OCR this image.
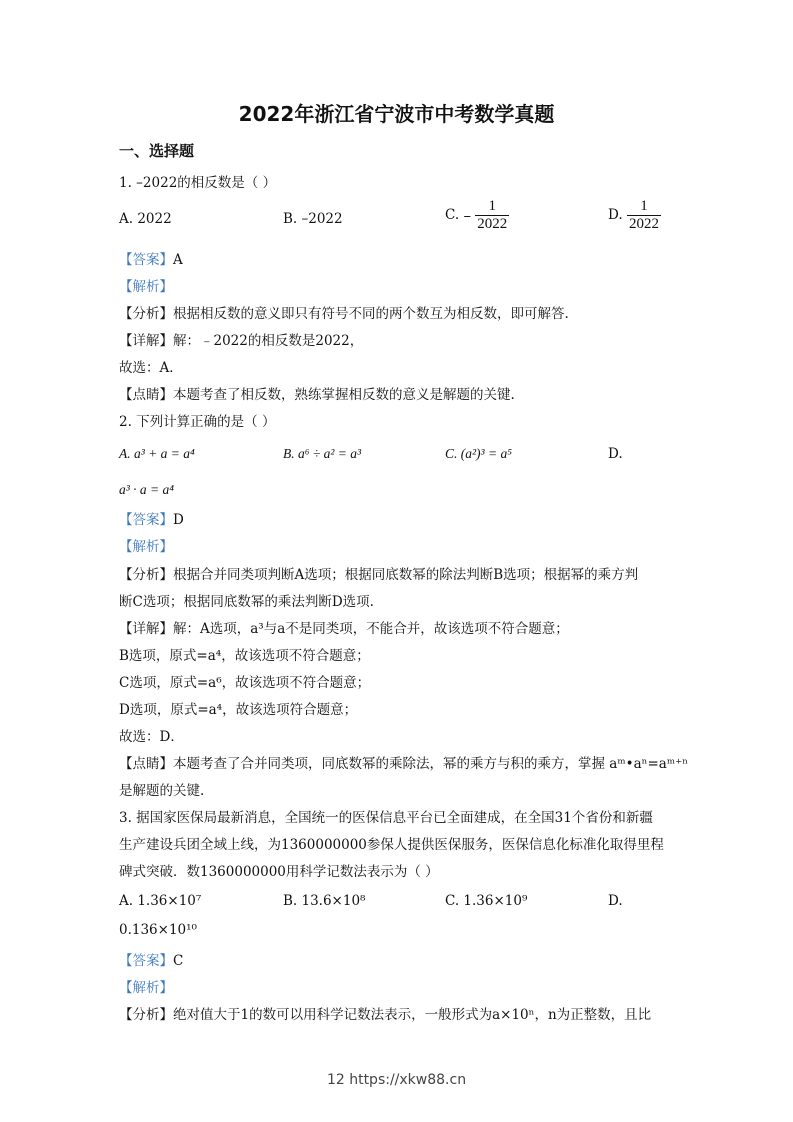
2022年浙江省宁波市中考数学真题
一、选择题
1. –2022的相反数是（ ）
A. 2022	B. –2022	C. – $\frac{1}{2022}$	D. $\frac{1}{2022}$
【答案】A
【解析】
【分析】根据相反数的意义即只有符号不同的两个数互为相反数，即可解答.
【详解】解：﹣2022的相反数是2022，
故选：A．
【点睛】本题考查了相反数，熟练掌握相反数的意义是解题的关键.
2. 下列计算正确的是（ ）
A. a³ + a = a⁴	B. a⁶ ÷ a² = a³	C. (a²)³ = a⁵	D.
a³ · a = a⁴
【答案】D
【解析】
【分析】根据合并同类项判断A选项；根据同底数幂的除法判断B选项；根据幂的乘方判
断C选项；根据同底数幂的乘法判断D选项.
【详解】解：A选项，a³与a不是同类项，不能合并，故该选项不符合题意；
B选项，原式=a⁴，故该选项不符合题意；
C选项，原式=a⁶，故该选项不符合题意；
D选项，原式=a⁴，故该选项符合题意；
故选：D．
【点睛】本题考查了合并同类项，同底数幂的乘除法，幂的乘方与积的乘方，掌握 aᵐ•aⁿ=aᵐ⁺ⁿ
是解题的关键.
3. 据国家医保局最新消息，全国统一的医保信息平台已全面建成，在全国31个省份和新疆
生产建设兵团全域上线，为1360000000参保人提供医保服务，医保信息化标准化取得里程
碑式突破．数1360000000用科学记数法表示为（ ）
A. 1.36×10⁷	B. 13.6×10⁸	C. 1.36×10⁹	D.
0.136×10¹⁰
【答案】C
【解析】
【分析】绝对值大于1的数可以用科学记数法表示，一般形式为a×10ⁿ，n为正整数，且比
12 https://xkw88.cn
